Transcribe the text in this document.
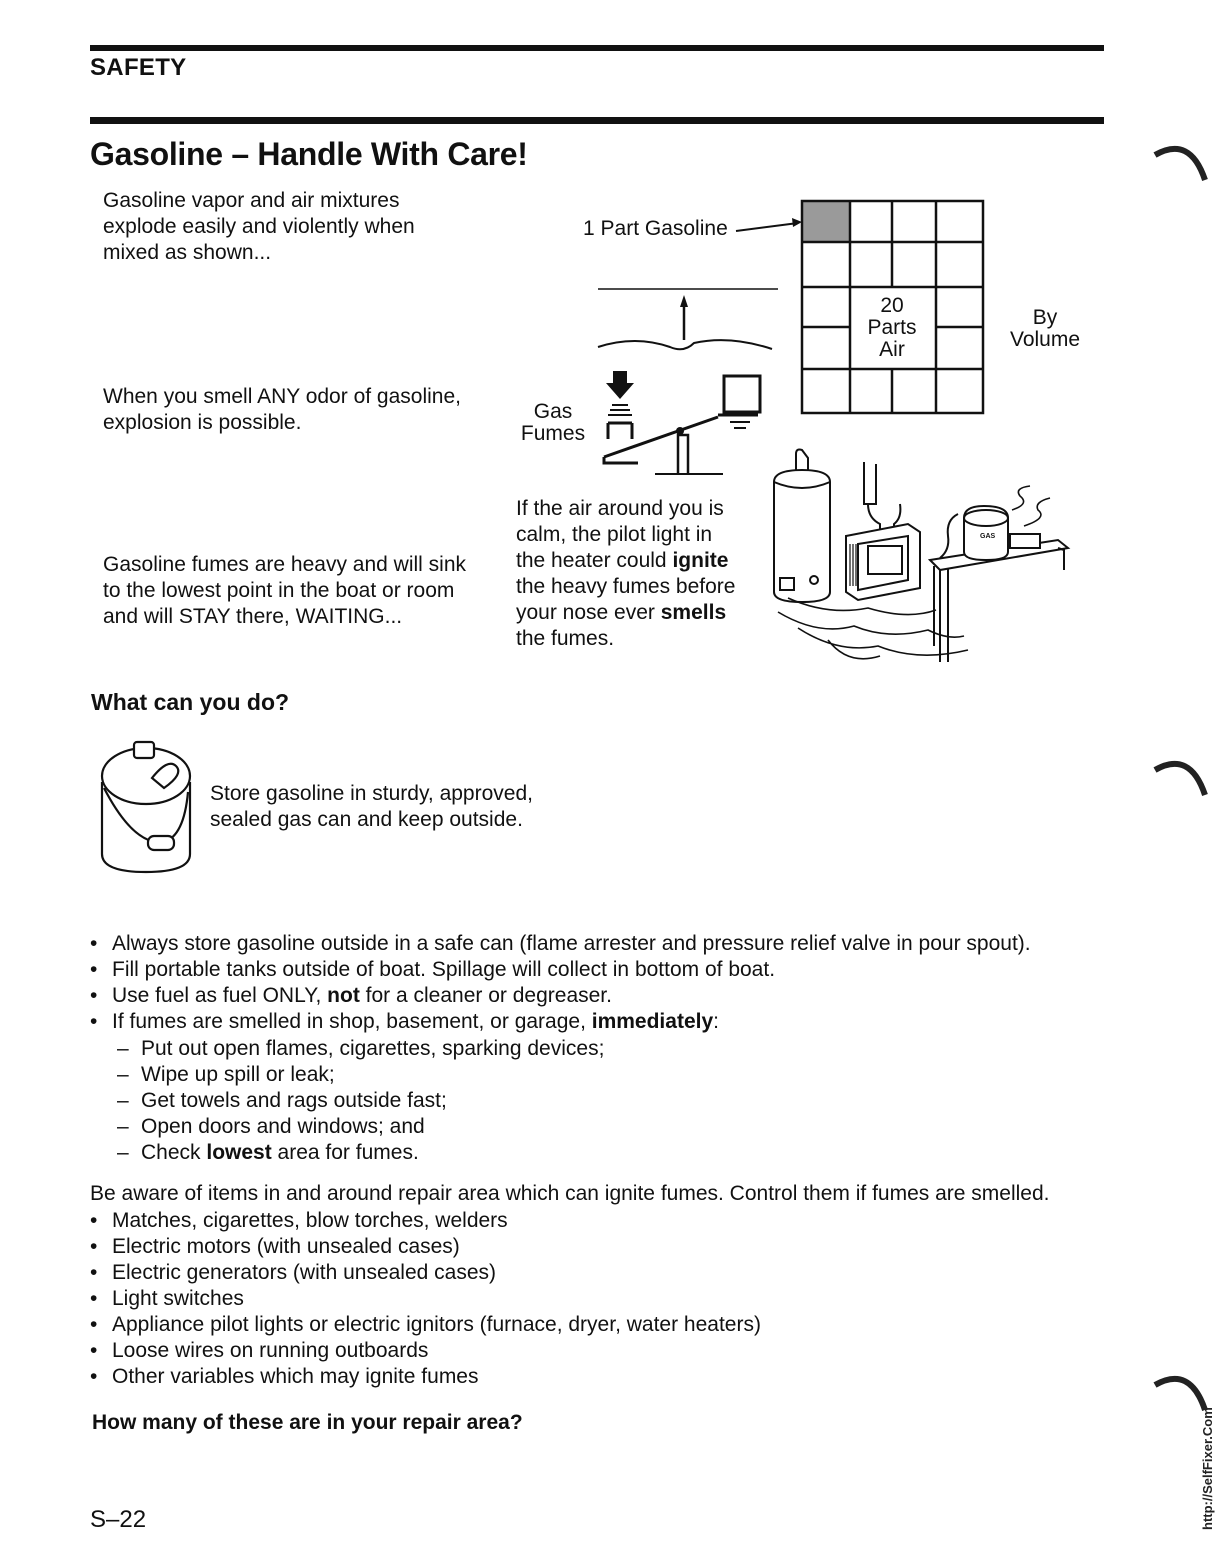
SAFETY
Gasoline – Handle With Care!
Gasoline vapor and air mixtures
explode easily and violently when
mixed as shown...
When you smell ANY odor of gasoline,
explosion is possible.
Gasoline fumes are heavy and will sink
to the lowest point in the boat or room
and will STAY there, WAITING...
1 Part Gasoline
20
Parts
Air
By
Volume
Gas
Fumes
If the air around you is
calm, the pilot light in
the heater could ignite
the heavy fumes before
your nose ever smells
the fumes.
GAS
What can you do?
Store gasoline in sturdy, approved,
sealed gas can and keep outside.
• Always store gasoline outside in a safe can (flame arrester and pressure relief valve in pour spout).
• Fill portable tanks outside of boat. Spillage will collect in bottom of boat.
• Use fuel as fuel ONLY, not for a cleaner or degreaser.
• If fumes are smelled in shop, basement, or garage, immediately:
– Put out open flames, cigarettes, sparking devices;
– Wipe up spill or leak;
– Get towels and rags outside fast;
– Open doors and windows; and
– Check lowest area for fumes.
Be aware of items in and around repair area which can ignite fumes. Control them if fumes are smelled.
• Matches, cigarettes, blow torches, welders
• Electric motors (with unsealed cases)
• Electric generators (with unsealed cases)
• Light switches
• Appliance pilot lights or electric ignitors (furnace, dryer, water heaters)
• Loose wires on running outboards
• Other variables which may ignite fumes
How many of these are in your repair area?
S–22	http://SelfFixer.Com
